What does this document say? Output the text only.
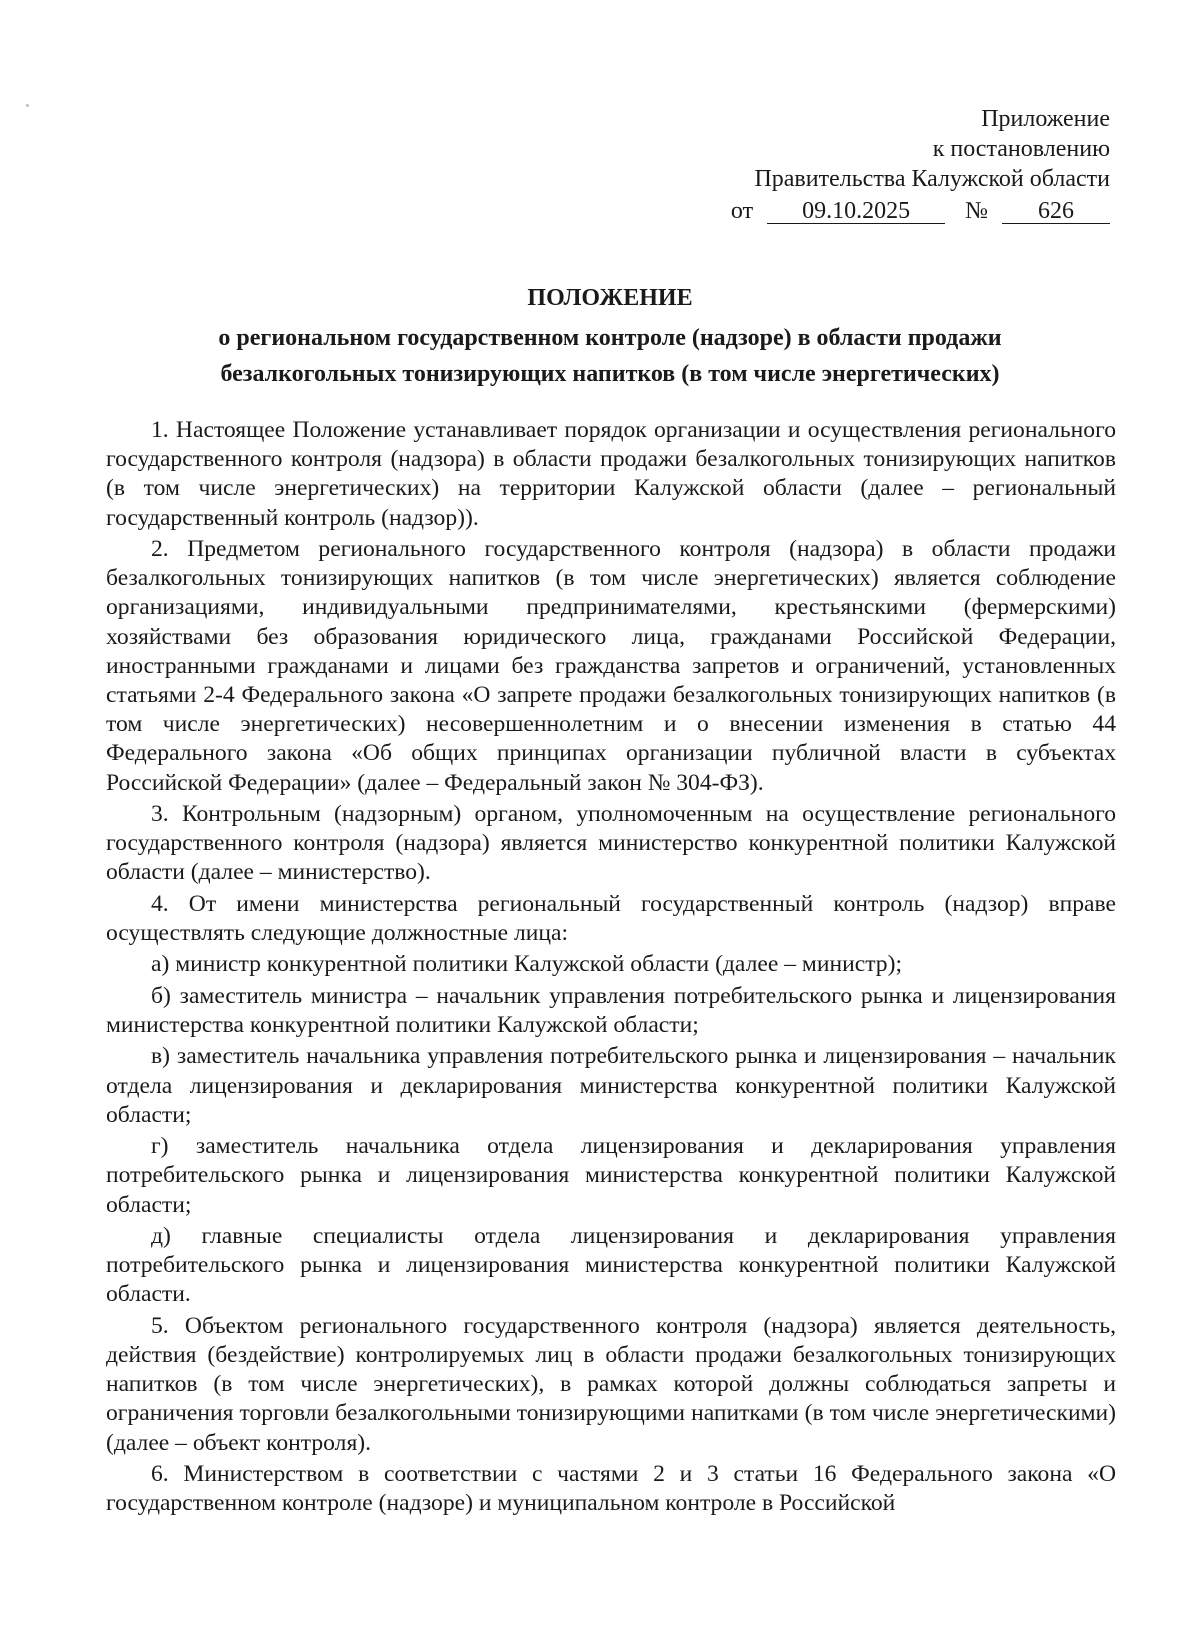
Приложение
к постановлению
Правительства Калужской области
от 09.10.2025 № 626
ПОЛОЖЕНИЕ
о региональном государственном контроле (надзоре) в области продажи
безалкогольных тонизирующих напитков (в том числе энергетических)

1. Настоящее Положение устанавливает порядок организации и осуществления регионального государственного контроля (надзора) в области продажи безалкогольных тонизирующих напитков (в том числе энергетических) на территории Калужской области (далее – региональный государственный контроль (надзор)).

2. Предметом регионального государственного контроля (надзора) в области продажи безалкогольных тонизирующих напитков (в том числе энергетических) является соблюдение организациями, индивидуальными предпринимателями, крестьянскими (фермерскими) хозяйствами без образования юридического лица, гражданами Российской Федерации, иностранными гражданами и лицами без гражданства запретов и ограничений, установленных статьями 2-4 Федерального закона «О запрете продажи безалкогольных тонизирующих напитков (в том числе энергетических) несовершеннолетним и о внесении изменения в статью 44 Федерального закона «Об общих принципах организации публичной власти в субъектах Российской Федерации» (далее – Федеральный закон № 304-ФЗ).

3. Контрольным (надзорным) органом, уполномоченным на осуществление регионального государственного контроля (надзора) является министерство конкурентной политики Калужской области (далее – министерство).

4. От имени министерства региональный государственный контроль (надзор) вправе осуществлять следующие должностные лица:

а) министр конкурентной политики Калужской области (далее – министр);

б) заместитель министра – начальник управления потребительского рынка и лицензирования министерства конкурентной политики Калужской области;

в) заместитель начальника управления потребительского рынка и лицензирования – начальник отдела лицензирования и декларирования министерства конкурентной политики Калужской области;

г) заместитель начальника отдела лицензирования и декларирования управления потребительского рынка и лицензирования министерства конкурентной политики Калужской области;

д) главные специалисты отдела лицензирования и декларирования управления потребительского рынка и лицензирования министерства конкурентной политики Калужской области.

5. Объектом регионального государственного контроля (надзора) является деятельность, действия (бездействие) контролируемых лиц в области продажи безалкогольных тонизирующих напитков (в том числе энергетических), в рамках которой должны соблюдаться запреты и ограничения торговли безалкогольными тонизирующими напитками (в том числе энергетическими) (далее – объект контроля).

6. Министерством в соответствии с частями 2 и 3 статьи 16 Федерального закона «О государственном контроле (надзоре) и муниципальном контроле в Российской
